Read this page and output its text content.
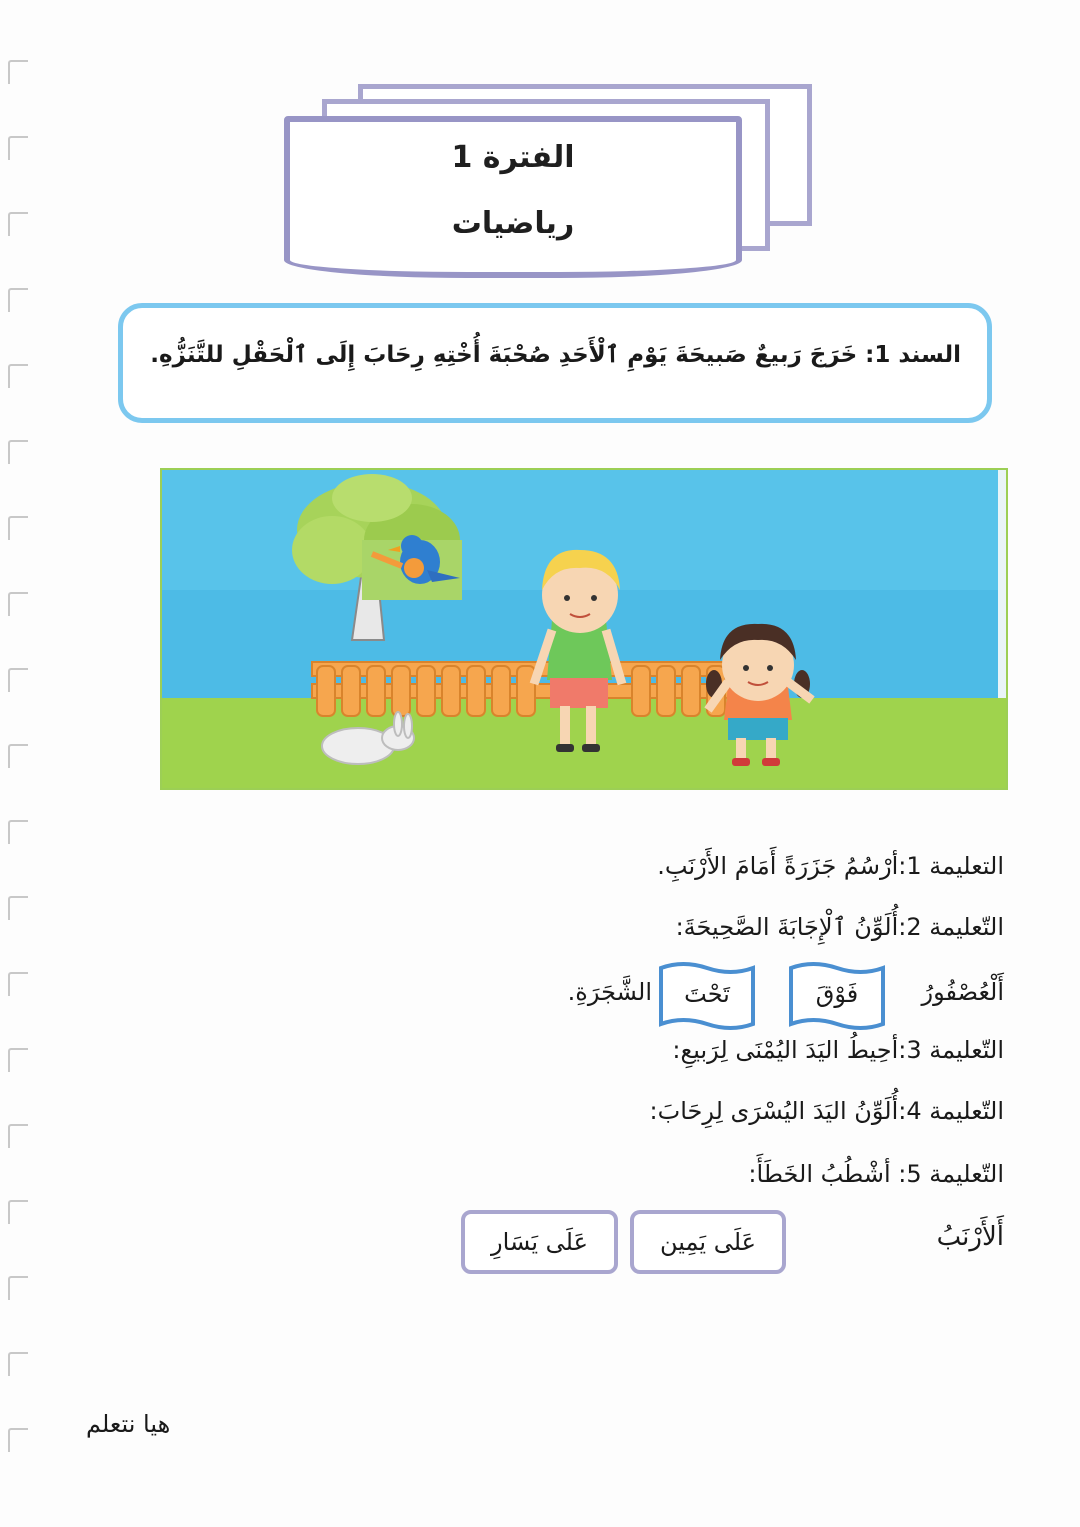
الفترة 1
رياضيات
السند 1: خَرَجَ رَبيعٌ صَبيحَةَ يَوْمِ ٱلْأَحَدِ صُحْبَةَ أُخْتِهِ رِحَابَ إِلَى ٱلْحَقْلِ للتَّنَزُّهِ.
التعليمة 1:أرْسُمُ جَزَرَةً أَمَامَ الأَرْنَبِ.
التّعليمة 2:أُلَوِّنُ ٱلْإِجَابَةَ الصَّحِيحَةَ:
أَلْعُصْفُورُ
فَوْقَ
تَحْتَ
الشَّجَرَةِ.
التّعليمة 3:أحِيطُ اليَدَ اليُمْنَى لِرَبيعِ:
التّعليمة 4:أُلَوِّنُ اليَدَ اليُسْرَى لِرِحَابَ:
التّعليمة 5: أشْطُبُ الخَطَأَ:
أَلأَرْنَبُ
عَلَى يَمِين
عَلَى يَسَارِ
هيا نتعلم
